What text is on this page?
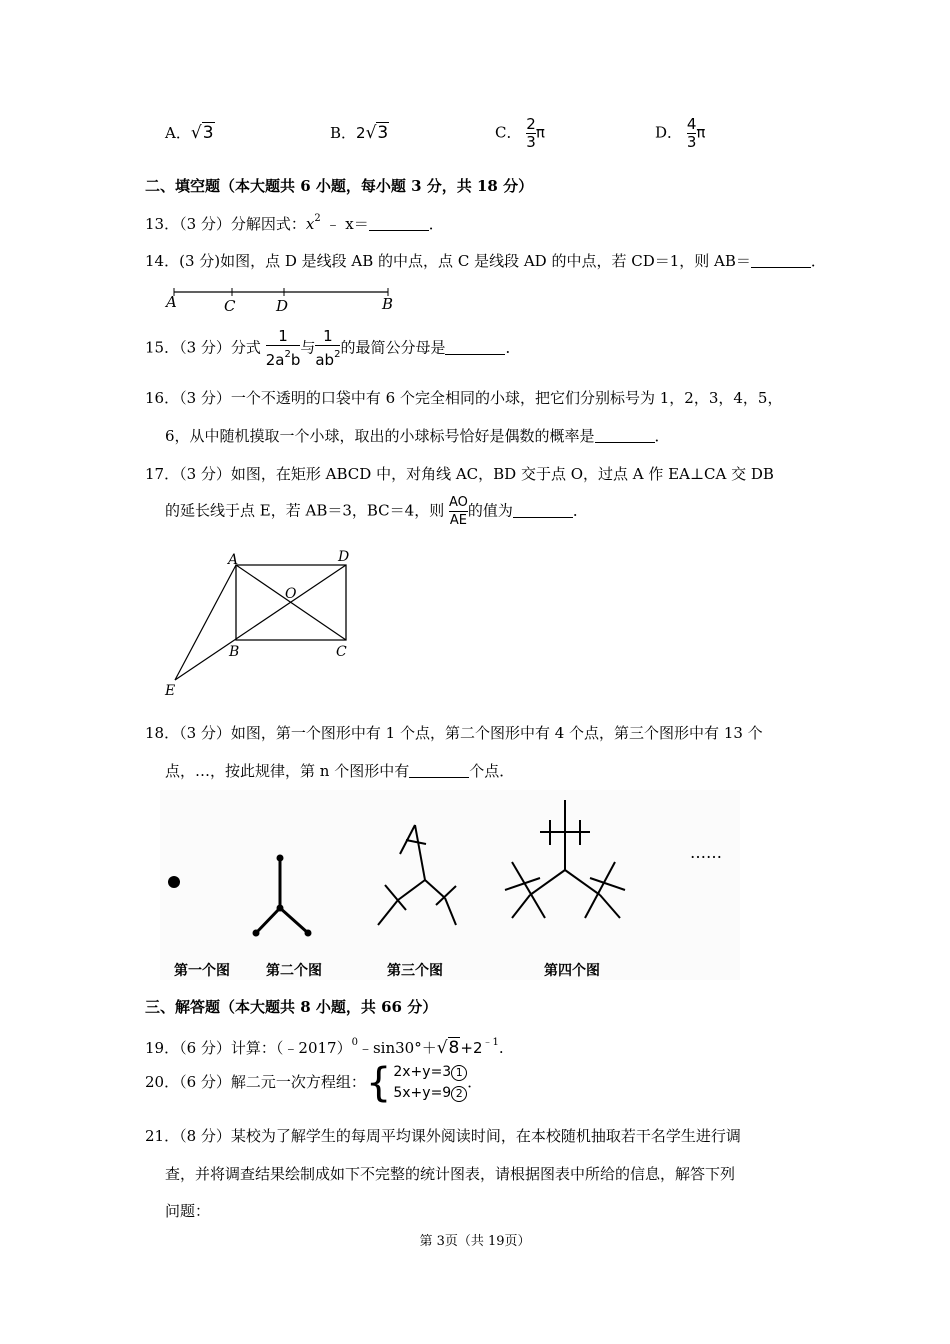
A．√3	B．2√3	C． $\frac{2}{3}$ π	D． $\frac{4}{3}$ π
二、填空题（本大题共 6 小题，每小题 3 分，共 18 分）
13．（3 分）分解因式：$x^2$ ﹣ x＝	．
14．(3 分)如图，点 D 是线段 AB 的中点，点 C 是线段 AD 的中点，若 CD＝1，则 AB＝	．
A	C	D	B
15．（3 分）分式 $\frac{1}{2a^2b}$ 与 $\frac{1}{ab^2}$ 的最简公分母是	．
16．（3 分）一个不透明的口袋中有 6 个完全相同的小球，把它们分别标号为 1，2，3，4，5，
6，从中随机摸取一个小球，取出的小球标号恰好是偶数的概率是	．
17．（3 分）如图，在矩形 ABCD 中，对角线 AC，BD 交于点 O，过点 A 作 EA⊥CA 交 DB
的延长线于点 E，若 AB＝3，BC＝4，则 $\frac{AO}{AE}$ 的值为	．
A	D
O
B	C
E
18．（3 分）如图，第一个图形中有 1 个点，第二个图形中有 4 个点，第三个图形中有 13 个
点，…，按此规律，第 n 个图形中有	个点．
……
第一个图	第二个图	第三个图	第四个图
三、解答题（本大题共 8 小题，共 66 分）
19．（6 分）计算：$(﹣2017)^0﹣\sin 30^\circ+√8+2^{﹣1}$.
20．（6 分）解二元一次方程组： { 2x+y=3 1
5x+y=9 2
．
21．（8 分）某校为了解学生的每周平均课外阅读时间，在本校随机抽取若干名学生进行调
查，并将调查结果绘制成如下不完整的统计图表，请根据图表中所给的信息，解答下列
问题：
第 3页（共 19页）
